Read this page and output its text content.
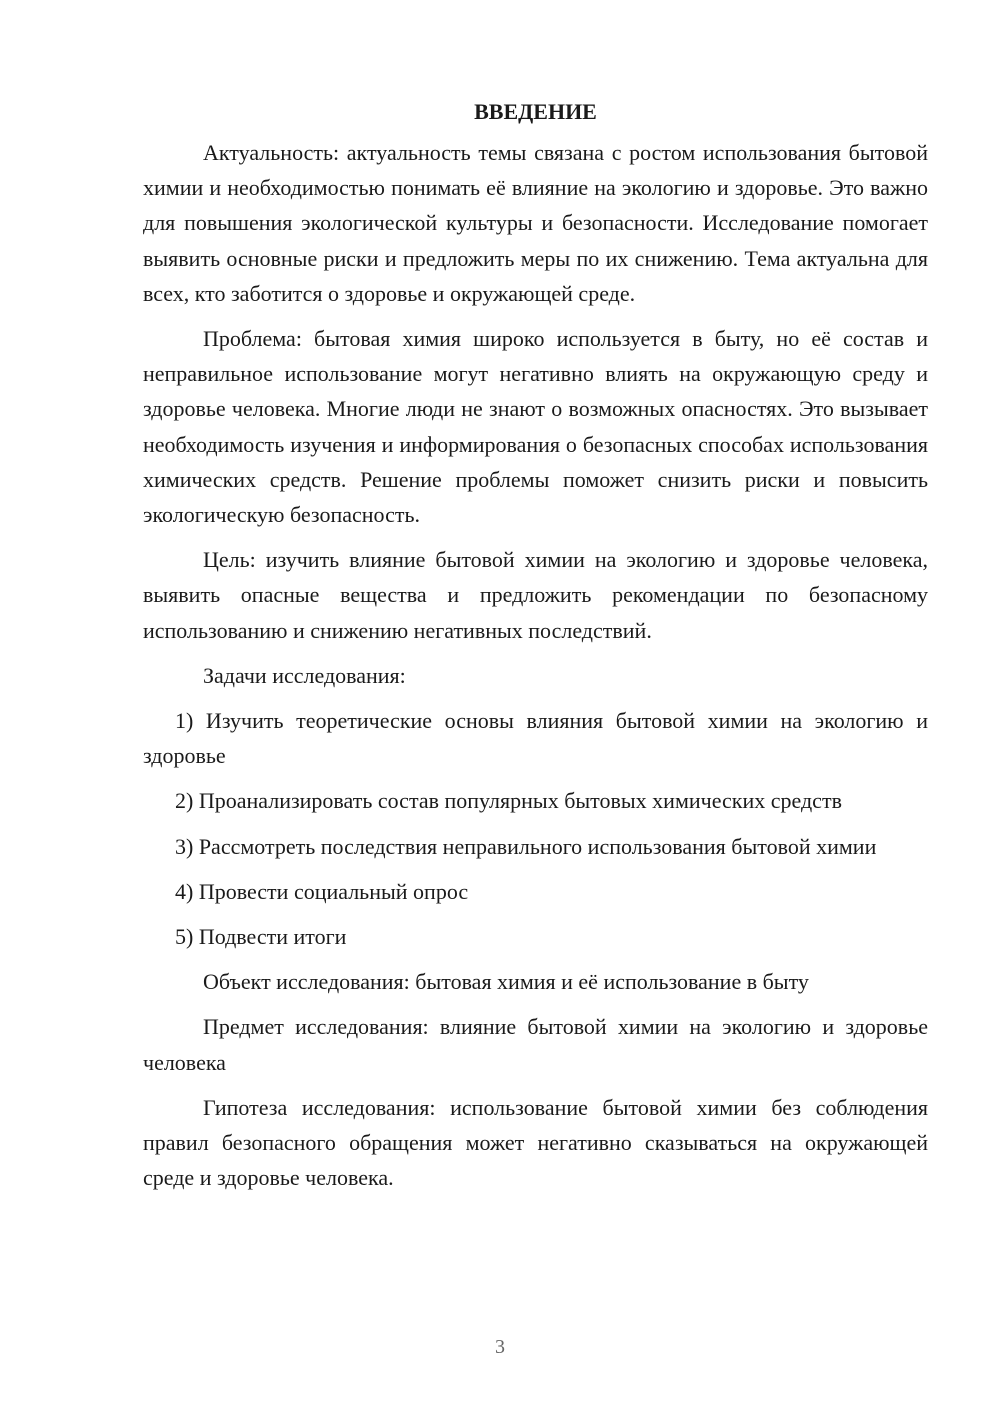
ВВЕДЕНИЕ

Актуальность: актуальность темы связана с ростом использования бытовой химии и необходимостью понимать её влияние на экологию и здоровье. Это важно для повышения экологической культуры и безопасности. Исследование помогает выявить основные риски и предложить меры по их снижению. Тема актуальна для всех, кто заботится о здоровье и окружающей среде.

Проблема: бытовая химия широко используется в быту, но её состав и неправильное использование могут негативно влиять на окружающую среду и здоровье человека. Многие люди не знают о возможных опасностях. Это вызывает необходимость изучения и информирования о безопасных способах использования химических средств. Решение проблемы поможет снизить риски и повысить экологическую безопасность.

Цель: изучить влияние бытовой химии на экологию и здоровье человека, выявить опасные вещества и предложить рекомендации по безопасному использованию и снижению негативных последствий.

Задачи исследования:

1) Изучить теоретические основы влияния бытовой химии на экологию и здоровье

2) Проанализировать состав популярных бытовых химических средств

3) Рассмотреть последствия неправильного использования бытовой химии

4) Провести социальный опрос

5) Подвести итоги

Объект исследования: бытовая химия и её использование в быту

Предмет исследования: влияние бытовой химии на экологию и здоровье человека

Гипотеза исследования: использование бытовой химии без соблюдения правил безопасного обращения может негативно сказываться на окружающей среде и здоровье человека.

3
